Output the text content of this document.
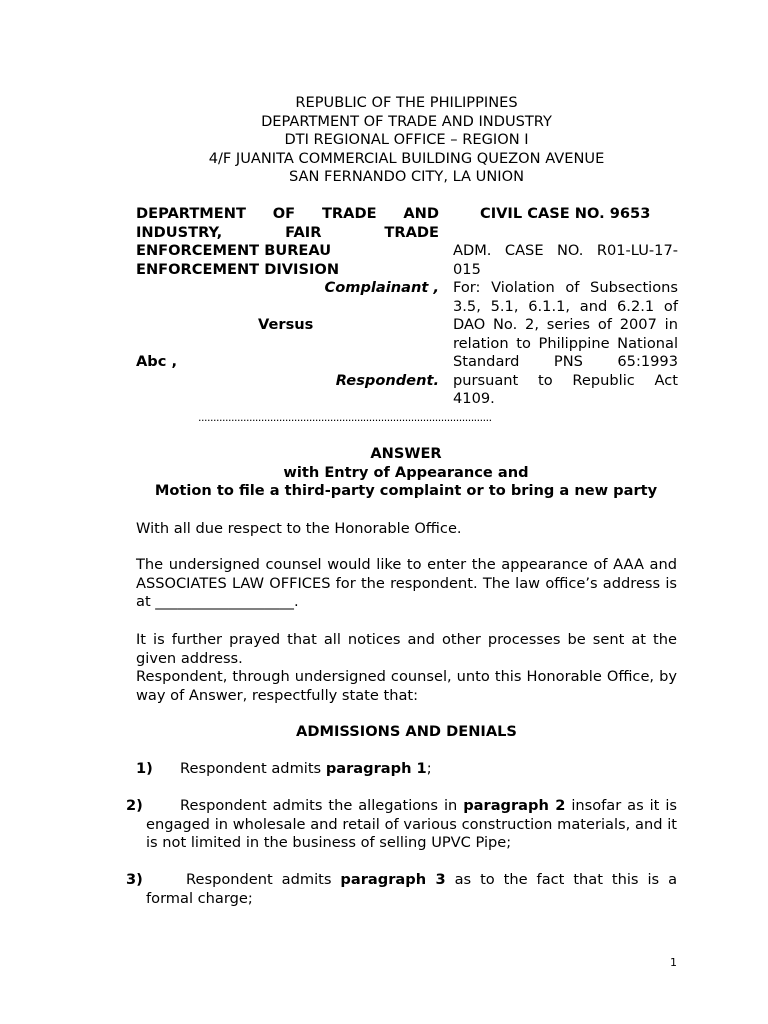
REPUBLIC OF THE PHILIPPINES
DEPARTMENT OF TRADE AND INDUSTRY
DTI REGIONAL OFFICE – REGION I
4/F JUANITA COMMERCIAL BUILDING QUEZON AVENUE
SAN FERNANDO CITY, LA UNION
DEPARTMENT OF TRADE AND INDUSTRY, FAIR TRADE
ENFORCEMENT BUREAU
ENFORCEMENT DIVISION
Complainant ,
Versus
Abc ,
Respondent.
CIVIL CASE NO. 9653
ADM. CASE NO. R01-LU-17-015
For: Violation of Subsections 3.5, 5.1, 6.1.1, and 6.2.1 of DAO No. 2, series of 2007 in relation to Philippine National Standard PNS 65:1993 pursuant to Republic Act 4109.
..................................................................................................
ANSWER
with Entry of Appearance and
Motion to file a third-party complaint or to bring a new party
With all due respect to the Honorable Office.
The undersigned counsel would like to enter the appearance of AAA and ASSOCIATES LAW OFFICES for the respondent. The law office’s address is at ___________________.
It is further prayed that all notices and other processes be sent at the given address.
Respondent, through undersigned counsel, unto this Honorable Office, by way of Answer, respectfully state that:
ADMISSIONS AND DENIALS
1) Respondent admits paragraph 1;
2)	Respondent admits the allegations in paragraph 2 insofar as it is engaged in wholesale and retail of various construction materials, and it is not limited in the business of selling UPVC Pipe;
3)	Respondent admits paragraph 3 as to the fact that this is a formal charge;
1
